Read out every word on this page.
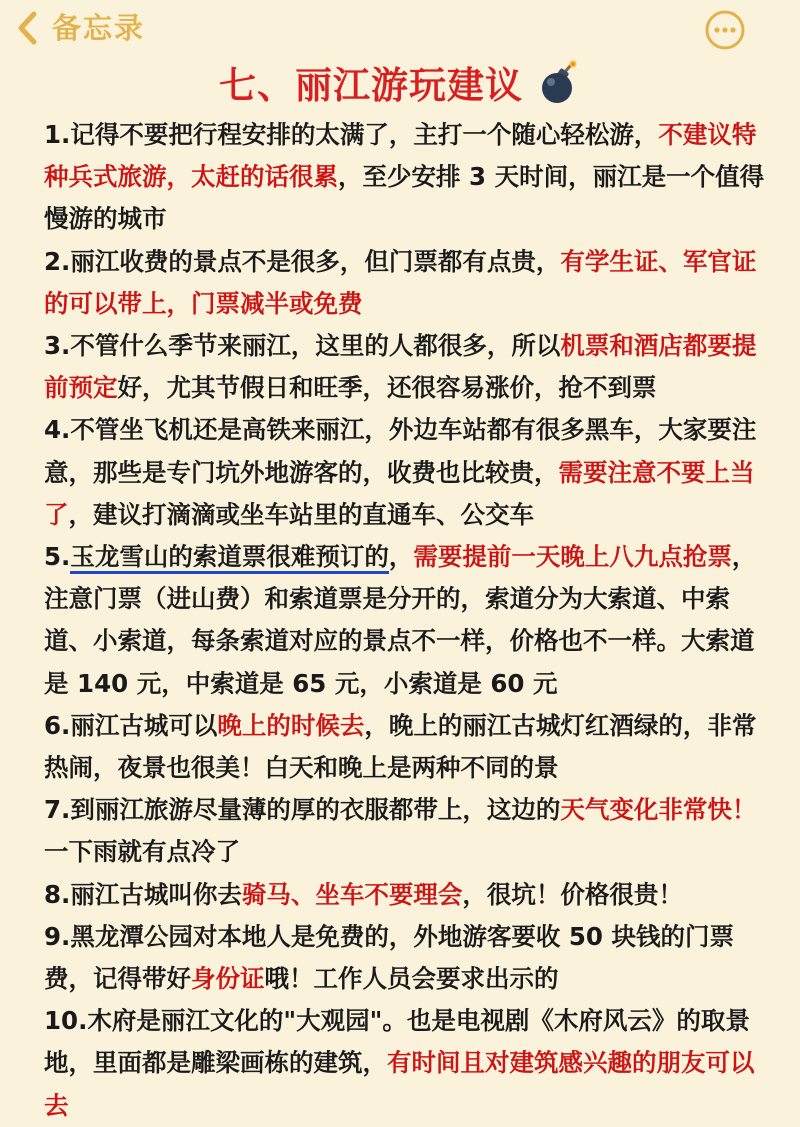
备忘录
七、丽江游玩建议

1.记得不要把行程安排的太满了，主打一个随心轻松游，不建议特种兵式旅游，太赶的话很累，至少安排 3 天时间，丽江是一个值得慢游的城市

2.丽江收费的景点不是很多，但门票都有点贵，有学生证、军官证的可以带上，门票减半或免费

3.不管什么季节来丽江，这里的人都很多，所以机票和酒店都要提前预定好，尤其节假日和旺季，还很容易涨价，抢不到票

4.不管坐飞机还是高铁来丽江，外边车站都有很多黑车，大家要注意，那些是专门坑外地游客的，收费也比较贵，需要注意不要上当了，建议打滴滴或坐车站里的直通车、公交车

5.玉龙雪山的索道票很难预订的，需要提前一天晚上八九点抢票，注意门票（进山费）和索道票是分开的，索道分为大索道、中索道、小索道，每条索道对应的景点不一样，价格也不一样。大索道是 140 元，中索道是 65 元，小索道是 60 元

6.丽江古城可以晚上的时候去，晚上的丽江古城灯红酒绿的，非常热闹，夜景也很美！白天和晚上是两种不同的景

7.到丽江旅游尽量薄的厚的衣服都带上，这边的天气变化非常快！一下雨就有点冷了

8.丽江古城叫你去骑马、坐车不要理会，很坑！价格很贵！

9.黑龙潭公园对本地人是免费的，外地游客要收 50 块钱的门票费，记得带好身份证哦！工作人员会要求出示的

10.木府是丽江文化的"大观园"。也是电视剧《木府风云》的取景地，里面都是雕梁画栋的建筑，有时间且对建筑感兴趣的朋友可以去
